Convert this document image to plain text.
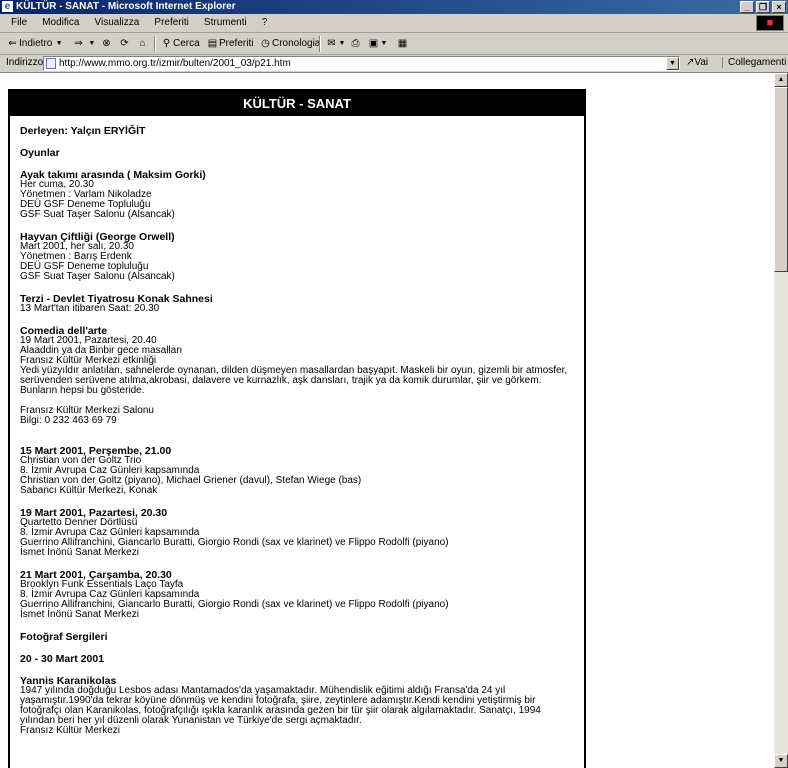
e KÜLTÜR - SANAT - Microsoft Internet Explorer	_	❐	×
File Modifica Visualizza Preferiti Strumenti ?	■
⇐ Indietro ▼ ⇒ ▼ ⊗ ⟳	⌂	⚲ Cerca ▤ Preferiti ◷ Cronologia ✉ ▼ ⎙ ▣ ▼ ▦
Indirizzo http://www.mmo.org.tr/izmir/bulten/2001_03/p21.htm	▼	↗Vai	Collegamenti
KÜLTÜR - SANAT

Derleyen: Yalçın ERYİĞİT

Oyunlar

Ayak takımı arasında ( Maksim Gorki)

Her cuma, 20.30

Yönetmen : Varlam Nikoladze

DEÜ GSF Deneme Topluluğu

GSF Suat Taşer Salonu (Alsancak)

Hayvan Çiftliği (George Orwell)

Mart 2001, her salı, 20.30

Yönetmen : Barış Erdenk

DEÜ GSF Deneme topluluğu

GSF Suat Taşer Salonu (Alsancak)

Terzi - Devlet Tiyatrosu Konak Sahnesi

13 Mart'tan itibaren Saat: 20.30

Comedia dell'arte

19 Mart 2001, Pazartesi, 20.40

Alaaddin ya da Binbir gece masalları

Fransız Kültür Merkezi etkinliği

Yedi yüzyıldır anlatılan, sahnelerde oynanan, dilden düşmeyen masallardan başyapıt. Maskeli bir oyun, gizemli bir atmosfer,

serüvenden serüvene atılma,akrobasi, dalavere ve kurnazlık, aşk dansları, trajik ya da komik durumlar, şiir ve görkem.

Bunların hepsi bu gösteride.

Fransız Kültür Merkezi Salonu

Bilgi: 0 232 463 69 79

15 Mart 2001, Perşembe, 21.00

Christian von der Goltz Trio

8. İzmir Avrupa Caz Günleri kapsamında

Christian von der Goltz (piyano), Michael Griener (davul), Stefan Wiege (bas)

Sabancı Kültür Merkezi, Konak

19 Mart 2001, Pazartesi, 20.30

Quartetto Denner Dörtlüsü

8. İzmir Avrupa Caz Günleri kapsamında

Guerrino Allifranchini, Giancarlo Buratti, Giorgio Rondi (sax ve klarinet) ve Flippo Rodolfi (piyano)

İsmet İnönü Sanat Merkezi

21 Mart 2001, Çarşamba, 20.30

Brooklyn Funk Essentials Laço Tayfa

8. İzmir Avrupa Caz Günleri kapsamında

Guerrino Allifranchini, Giancarlo Buratti, Giorgio Rondi (sax ve klarinet) ve Flippo Rodolfi (piyano)

İsmet İnönü Sanat Merkezi

Fotoğraf Sergileri

20 - 30 Mart 2001

Yannis Karanikolas

1947 yılında doğduğu Lesbos adası Mantamados'da yaşamaktadır. Mühendislik eğitimi aldığı Fransa'da 24 yıl

yaşamıştır.1990'da tekrar köyüne dönmüş ve kendini fotoğrafa, şiire, zeytinlere adamıştır.Kendi kendini yetiştirmiş bir

fotoğrafçı olan Karanikolas, fotoğrafçılığı ışıkla karanlık arasında gezen bir tür şiir olarak algılamaktadır. Sanatçı, 1994

yılından beri her yıl düzenli olarak Yunanistan ve Türkiye'de sergi açmaktadır.

Fransız Kültür Merkezi

▲
▼
